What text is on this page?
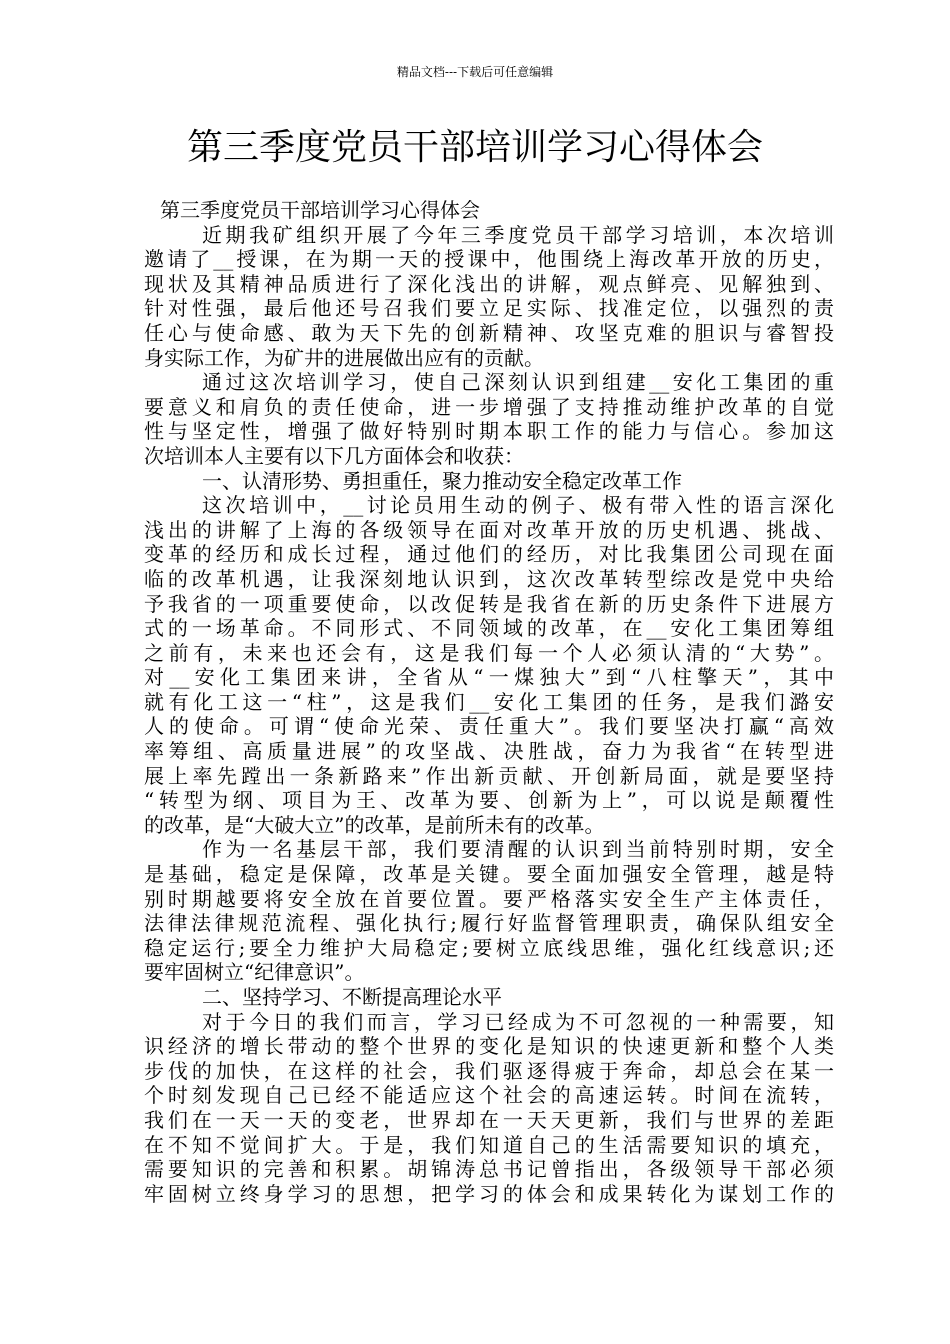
精品文档---下载后可任意编辑
第三季度党员干部培训学习心得体会
第三季度党员干部培训学习心得体会
近期我矿组织开展了今年三季度党员干部学习培训，本次培训
邀请了__授课，在为期一天的授课中，他围绕上海改革开放的历史，
现状及其精神品质进行了深化浅出的讲解，观点鲜亮、见解独到、
针对性强，最后他还号召我们要立足实际、找准定位，以强烈的责
任心与使命感、敢为天下先的创新精神、攻坚克难的胆识与睿智投
身实际工作，为矿井的进展做出应有的贡献。
通过这次培训学习，使自己深刻认识到组建__安化工集团的重
要意义和肩负的责任使命，进一步增强了支持推动维护改革的自觉
性与坚定性，增强了做好特别时期本职工作的能力与信心。参加这
次培训本人主要有以下几方面体会和收获：
一、认清形势、勇担重任，聚力推动安全稳定改革工作
这次培训中，__讨论员用生动的例子、极有带入性的语言深化
浅出的讲解了上海的各级领导在面对改革开放的历史机遇、挑战、
变革的经历和成长过程，通过他们的经历，对比我集团公司现在面
临的改革机遇，让我深刻地认识到，这次改革转型综改是党中央给
予我省的一项重要使命，以改促转是我省在新的历史条件下进展方
式的一场革命。不同形式、不同领域的改革，在__安化工集团筹组
之前有，未来也还会有，这是我们每一个人必须认清的“大势”。
对__安化工集团来讲，全省从“一煤独大”到“八柱擎天”，其中
就有化工这一“柱”，这是我们__安化工集团的任务，是我们潞安
人的使命。可谓“使命光荣、责任重大”。我们要坚决打赢“高效
率筹组、高质量进展”的攻坚战、决胜战，奋力为我省“在转型进
展上率先蹚出一条新路来”作出新贡献、开创新局面，就是要坚持
“转型为纲、项目为王、改革为要、创新为上”，可以说是颠覆性
的改革，是“大破大立”的改革，是前所未有的改革。
作为一名基层干部，我们要清醒的认识到当前特别时期，安全
是基础，稳定是保障，改革是关键。要全面加强安全管理，越是特
别时期越要将安全放在首要位置。要严格落实安全生产主体责任，
法律法律规范流程、强化执行;履行好监督管理职责，确保队组安全
稳定运行;要全力维护大局稳定;要树立底线思维，强化红线意识;还
要牢固树立“纪律意识”。
二、坚持学习、不断提高理论水平
对于今日的我们而言，学习已经成为不可忽视的一种需要，知
识经济的增长带动的整个世界的变化是知识的快速更新和整个人类
步伐的加快，在这样的社会，我们驱逐得疲于奔命，却总会在某一
个时刻发现自己已经不能适应这个社会的高速运转。时间在流转，
我们在一天一天的变老，世界却在一天天更新，我们与世界的差距
在不知不觉间扩大。于是，我们知道自己的生活需要知识的填充，
需要知识的完善和积累。胡锦涛总书记曾指出，各级领导干部必须
牢固树立终身学习的思想，把学习的体会和成果转化为谋划工作的
